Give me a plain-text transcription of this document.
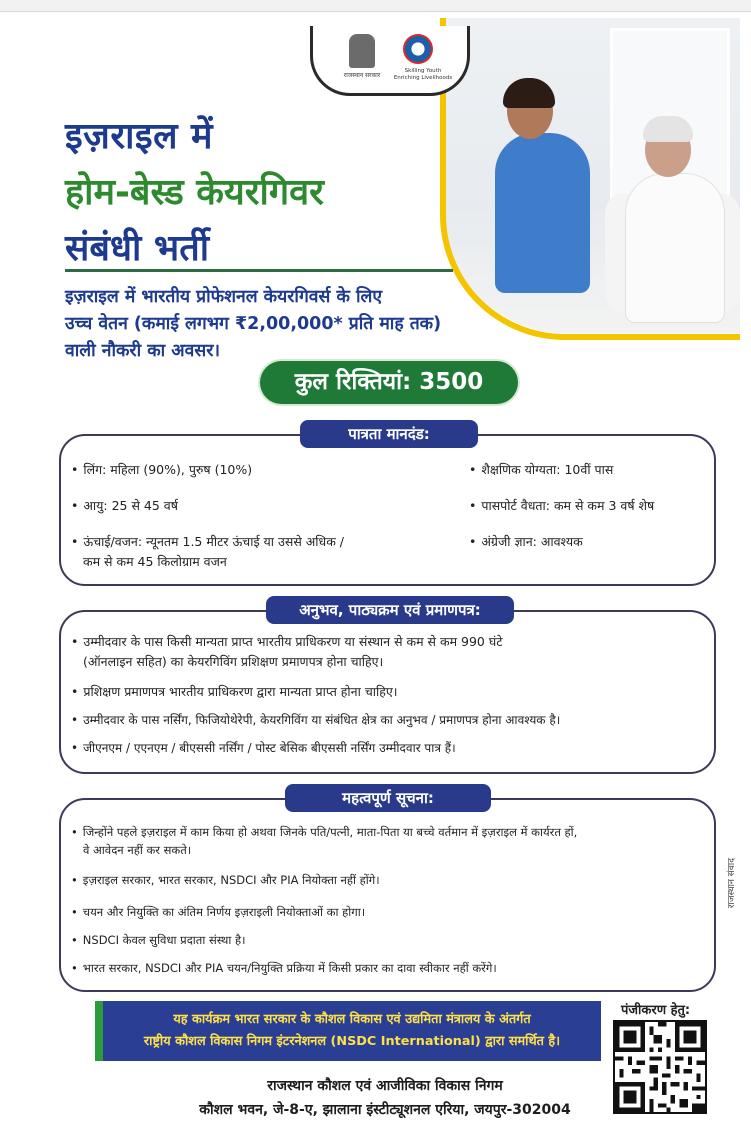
राजस्थान सरकार
Skilling Youth Enriching Livelihoods
इज़राइल में
होम-बेस्ड केयरगिवर
संबंधी भर्ती
इज़राइल में भारतीय प्रोफेशनल केयरगिवर्स के लिए
उच्च वेतन (कमाई लगभग ₹2,00,000* प्रति माह तक)
वाली नौकरी का अवसर।
कुल रिक्तियां: 3500
पात्रता मानदंड:
• लिंग: महिला (90%), पुरुष (10%)
• आयु: 25 से 45 वर्ष
• ऊंचाई/वजन: न्यूनतम 1.5 मीटर ऊंचाई या उससे अधिक /
कम से कम 45 किलोग्राम वजन
• शैक्षणिक योग्यता: 10वीं पास
• पासपोर्ट वैधता: कम से कम 3 वर्ष शेष
• अंग्रेजी ज्ञान: आवश्यक
अनुभव, पाठ्यक्रम एवं प्रमाणपत्र:
• उम्मीदवार के पास किसी मान्यता प्राप्त भारतीय प्राधिकरण या संस्थान से कम से कम 990 घंटे
(ऑनलाइन सहित) का केयरगिविंग प्रशिक्षण प्रमाणपत्र होना चाहिए।
• प्रशिक्षण प्रमाणपत्र भारतीय प्राधिकरण द्वारा मान्यता प्राप्त होना चाहिए।
• उम्मीदवार के पास नर्सिंग, फिजियोथेरेपी, केयरगिविंग या संबंधित क्षेत्र का अनुभव / प्रमाणपत्र होना आवश्यक है।
• जीएनएम / एएनएम / बीएससी नर्सिंग / पोस्ट बेसिक बीएससी नर्सिंग उम्मीदवार पात्र हैं।
महत्वपूर्ण सूचना:
• जिन्होंने पहले इज़राइल में काम किया हो अथवा जिनके पति/पत्नी, माता-पिता या बच्चे वर्तमान में इज़राइल में कार्यरत हों,
वे आवेदन नहीं कर सकते।
• इज़राइल सरकार, भारत सरकार, NSDCI और PIA नियोक्ता नहीं होंगे।
• चयन और नियुक्ति का अंतिम निर्णय इज़राइली नियोक्ताओं का होगा।
• NSDCI केवल सुविधा प्रदाता संस्था है।
• भारत सरकार, NSDCI और PIA चयन/नियुक्ति प्रक्रिया में किसी प्रकार का दावा स्वीकार नहीं करेंगे।
राजस्थान संवाद
यह कार्यक्रम भारत सरकार के कौशल विकास एवं उद्यमिता मंत्रालय के अंतर्गत
राष्ट्रीय कौशल विकास निगम इंटरनेशनल (NSDC International) द्वारा समर्थित है।
राजस्थान कौशल एवं आजीविका विकास निगम
कौशल भवन, जे-8-ए, झालाना इंस्टीट्यूशनल एरिया, जयपुर-302004
पंजीकरण हेतु:
